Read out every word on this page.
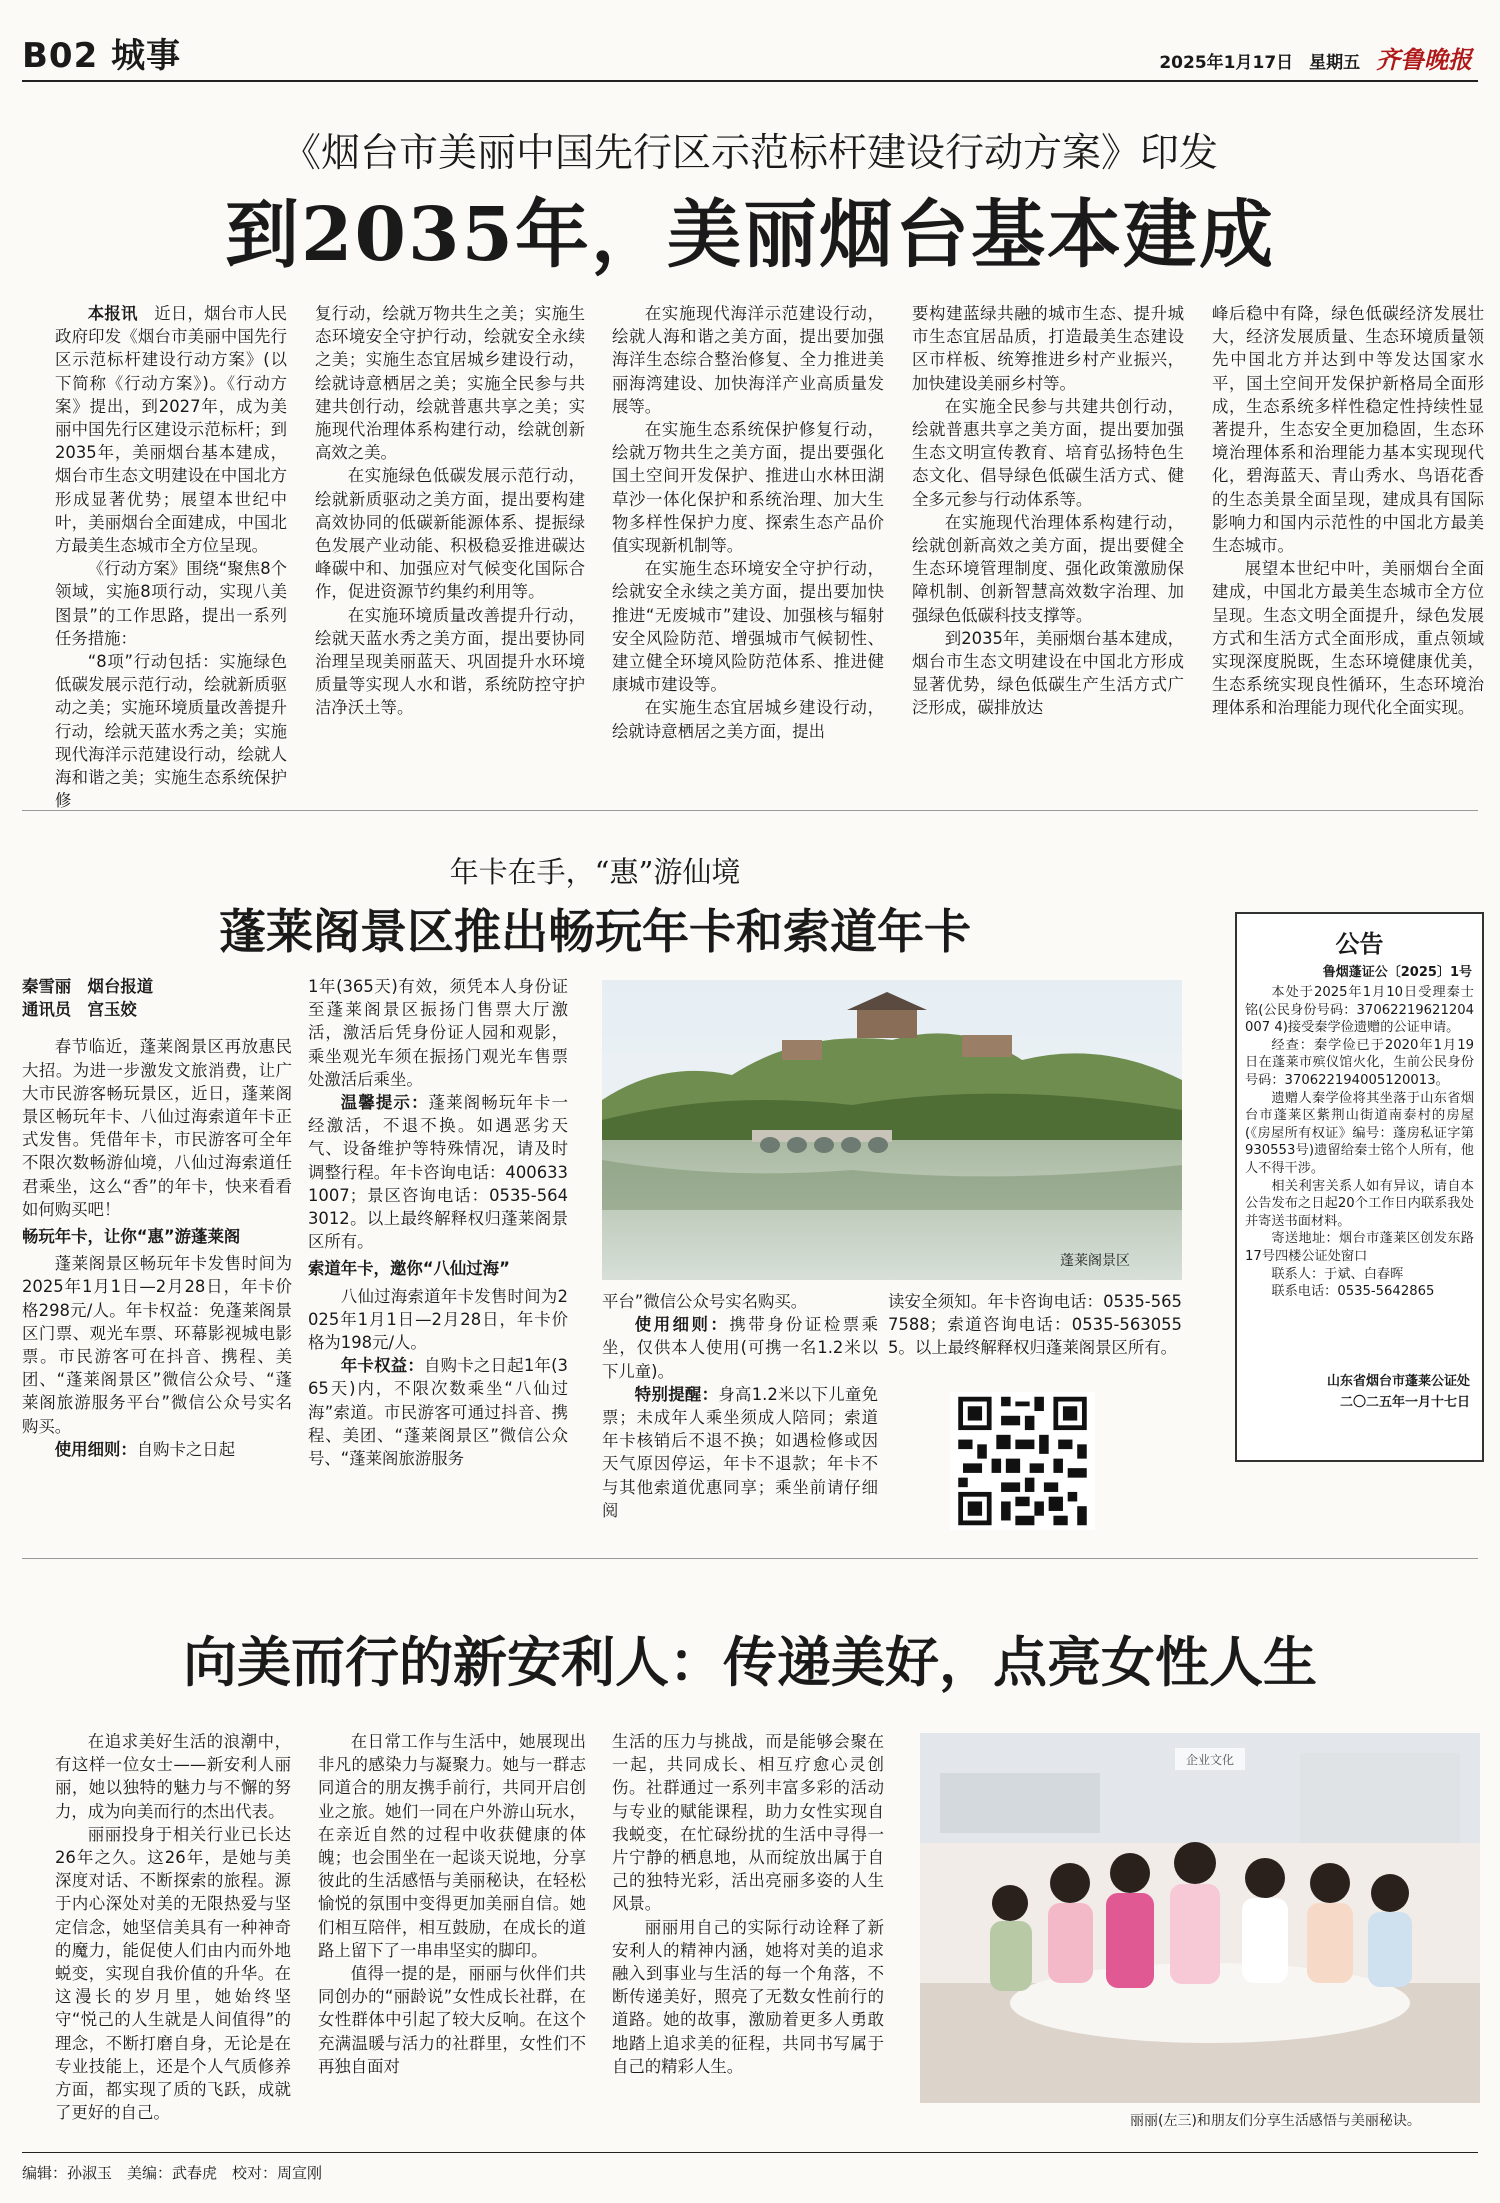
B02 城事	2025年1月17日 星期五 齐鲁晚报
《烟台市美丽中国先行区示范标杆建设行动方案》印发
到2035年，美丽烟台基本建成

本报讯　 近日，烟台市人民政府印发《烟台市美丽中国先行区示范标杆建设行动方案》(以下简称《行动方案》)。《行动方案》提出，到2027年，成为美丽中国先行区建设示范标杆；到2035年，美丽烟台基本建成，烟台市生态文明建设在中国北方形成显著优势；展望本世纪中叶，美丽烟台全面建成，中国北方最美生态城市全方位呈现。

《行动方案》围绕“聚焦8个领域，实施8项行动，实现八美图景”的工作思路，提出一系列任务措施：

“8项”行动包括：实施绿色低碳发展示范行动，绘就新质驱动之美；实施环境质量改善提升行动，绘就天蓝水秀之美；实施现代海洋示范建设行动，绘就人海和谐之美；实施生态系统保护修

复行动，绘就万物共生之美；实施生态环境安全守护行动，绘就安全永续之美；实施生态宜居城乡建设行动，绘就诗意栖居之美；实施全民参与共建共创行动，绘就普惠共享之美；实施现代治理体系构建行动，绘就创新高效之美。

在实施绿色低碳发展示范行动，绘就新质驱动之美方面，提出要构建高效协同的低碳新能源体系、提振绿色发展产业动能、积极稳妥推进碳达峰碳中和、加强应对气候变化国际合作，促进资源节约集约利用等。

在实施环境质量改善提升行动，绘就天蓝水秀之美方面，提出要协同治理呈现美丽蓝天、巩固提升水环境质量等实现人水和谐，系统防控守护洁净沃土等。

在实施现代海洋示范建设行动，绘就人海和谐之美方面，提出要加强海洋生态综合整治修复、全力推进美丽海湾建设、加快海洋产业高质量发展等。

在实施生态系统保护修复行动，绘就万物共生之美方面，提出要强化国土空间开发保护、推进山水林田湖草沙一体化保护和系统治理、加大生物多样性保护力度、探索生态产品价值实现新机制等。

在实施生态环境安全守护行动，绘就安全永续之美方面，提出要加快推进“无废城市”建设、加强核与辐射安全风险防范、增强城市气候韧性、建立健全环境风险防范体系、推进健康城市建设等。

在实施生态宜居城乡建设行动，绘就诗意栖居之美方面，提出

要构建蓝绿共融的城市生态、提升城市生态宜居品质，打造最美生态建设区市样板、统筹推进乡村产业振兴，加快建设美丽乡村等。

在实施全民参与共建共创行动，绘就普惠共享之美方面，提出要加强生态文明宣传教育、培育弘扬特色生态文化、倡导绿色低碳生活方式、健全多元参与行动体系等。

在实施现代治理体系构建行动，绘就创新高效之美方面，提出要健全生态环境管理制度、强化政策激励保障机制、创新智慧高效数字治理、加强绿色低碳科技支撑等。

到2035年，美丽烟台基本建成，烟台市生态文明建设在中国北方形成显著优势，绿色低碳生产生活方式广泛形成，碳排放达

峰后稳中有降，绿色低碳经济发展壮大，经济发展质量、生态环境质量领先中国北方并达到中等发达国家水平，国土空间开发保护新格局全面形成，生态系统多样性稳定性持续性显著提升，生态安全更加稳固，生态环境治理体系和治理能力基本实现现代化，碧海蓝天、青山秀水、鸟语花香的生态美景全面呈现，建成具有国际影响力和国内示范性的中国北方最美生态城市。

展望本世纪中叶，美丽烟台全面建成，中国北方最美生态城市全方位呈现。生态文明全面提升，绿色发展方式和生活方式全面形成，重点领域实现深度脱既，生态环境健康优美，生态系统实现良性循环，生态环境治理体系和治理能力现代化全面实现。

年卡在手，“惠”游仙境
蓬莱阁景区推出畅玩年卡和索道年卡

秦雪丽　烟台报道

通讯员　宫玉姣

春节临近，蓬莱阁景区再放惠民大招。为进一步激发文旅消费，让广大市民游客畅玩景区，近日，蓬莱阁景区畅玩年卡、八仙过海索道年卡正式发售。凭借年卡，市民游客可全年不限次数畅游仙境，八仙过海索道任君乘坐，这么“香”的年卡，快来看看如何购买吧！

畅玩年卡，让你“惠”游蓬莱阁

蓬莱阁景区畅玩年卡发售时间为2025年1月1日—2月28日，年卡价格298元/人。年卡权益：免蓬莱阁景区门票、观光车票、环幕影视城电影票。市民游客可在抖音、携程、美团、“蓬莱阁景区”微信公众号、“蓬莱阁旅游服务平台”微信公众号实名购买。

使用细则：自购卡之日起

1年(365天)有效，须凭本人身份证至蓬莱阁景区振扬门售票大厅激活，激活后凭身份证人园和观影，乘坐观光车须在振扬门观光车售票处激活后乘坐。

温馨提示：蓬莱阁畅玩年卡一经激活，不退不换。如遇恶劣天气、设备维护等特殊情况，请及时调整行程。年卡咨询电话：4006331007；景区咨询电话：0535-5643012。以上最终解释权归蓬莱阁景区所有。

索道年卡，邀你“八仙过海”

八仙过海索道年卡发售时间为2025年1月1日—2月28日，年卡价格为198元/人。

年卡权益：自购卡之日起1年(365天)内，不限次数乘坐“八仙过海”索道。市民游客可通过抖音、携程、美团、“蓬莱阁景区”微信公众号、“蓬莱阁旅游服务

蓬莱阁景区

平台”微信公众号实名购买。

使用细则：携带身份证检票乘坐，仅供本人使用(可携一名1.2米以下儿童)。

特别提醒：身高1.2米以下儿童免票；未成年人乘坐须成人陪同；索道年卡核销后不退不换；如遇检修或因天气原因停运，年卡不退款；年卡不与其他索道优惠同享；乘坐前请仔细阅

读安全须知。年卡咨询电话：0535-5657588；索道咨询电话：0535-5630555。以上最终解释权归蓬莱阁景区所有。

公告
鲁烟蓬证公〔2025〕1号

本处于2025年1月10日受理秦士铭(公民身份号码：37062219621204007 4)接受秦学俭遗赠的公证申请。

经查：秦学俭已于2020年1月19日在蓬莱市殡仪馆火化，生前公民身份号码：370622194005120013。

遗赠人秦学俭将其坐落于山东省烟台市蓬莱区紫荆山街道南泰村的房屋(《房屋所有权证》编号：蓬房私证字第930553号)遗留给秦士铭个人所有，他人不得干涉。

相关利害关系人如有异议，请自本公告发布之日起20个工作日内联系我处并寄送书面材料。

寄送地址：烟台市蓬莱区创发东路17号四楼公证处窗口

联系人：于斌、白春晖

联系电话：0535-5642865

山东省烟台市蓬莱公证处
二〇二五年一月十七日
向美而行的新安利人：传递美好，点亮女性人生

在追求美好生活的浪潮中，有这样一位女士——新安利人丽丽，她以独特的魅力与不懈的努力，成为向美而行的杰出代表。

丽丽投身于相关行业已长达26年之久。这26年，是她与美深度对话、不断探索的旅程。源于内心深处对美的无限热爱与坚定信念，她坚信美具有一种神奇的魔力，能促使人们由内而外地蜕变，实现自我价值的升华。在这漫长的岁月里，她始终坚守“悦己的人生就是人间值得”的理念，不断打磨自身，无论是在专业技能上，还是个人气质修养方面，都实现了质的飞跃，成就了更好的自己。

在日常工作与生活中，她展现出非凡的感染力与凝聚力。她与一群志同道合的朋友携手前行，共同开启创业之旅。她们一同在户外游山玩水，在亲近自然的过程中收获健康的体魄；也会围坐在一起谈天说地，分享彼此的生活感悟与美丽秘诀，在轻松愉悦的氛围中变得更加美丽自信。她们相互陪伴，相互鼓励，在成长的道路上留下了一串串坚实的脚印。

值得一提的是，丽丽与伙伴们共同创办的“丽龄说”女性成长社群，在女性群体中引起了较大反响。在这个充满温暖与活力的社群里，女性们不再独自面对

生活的压力与挑战，而是能够会聚在一起，共同成长、相互疗愈心灵创伤。社群通过一系列丰富多彩的活动与专业的赋能课程，助力女性实现自我蜕变，在忙碌纷扰的生活中寻得一片宁静的栖息地，从而绽放出属于自己的独特光彩，活出亮丽多姿的人生风景。

丽丽用自己的实际行动诠释了新安利人的精神内涵，她将对美的追求融入到事业与生活的每一个角落，不断传递美好，照亮了无数女性前行的道路。她的故事，激励着更多人勇敢地踏上追求美的征程，共同书写属于自己的精彩人生。

企业文化
丽丽(左三)和朋友们分享生活感悟与美丽秘诀。
编辑：孙淑玉　美编：武春虎　校对：周宣刚
